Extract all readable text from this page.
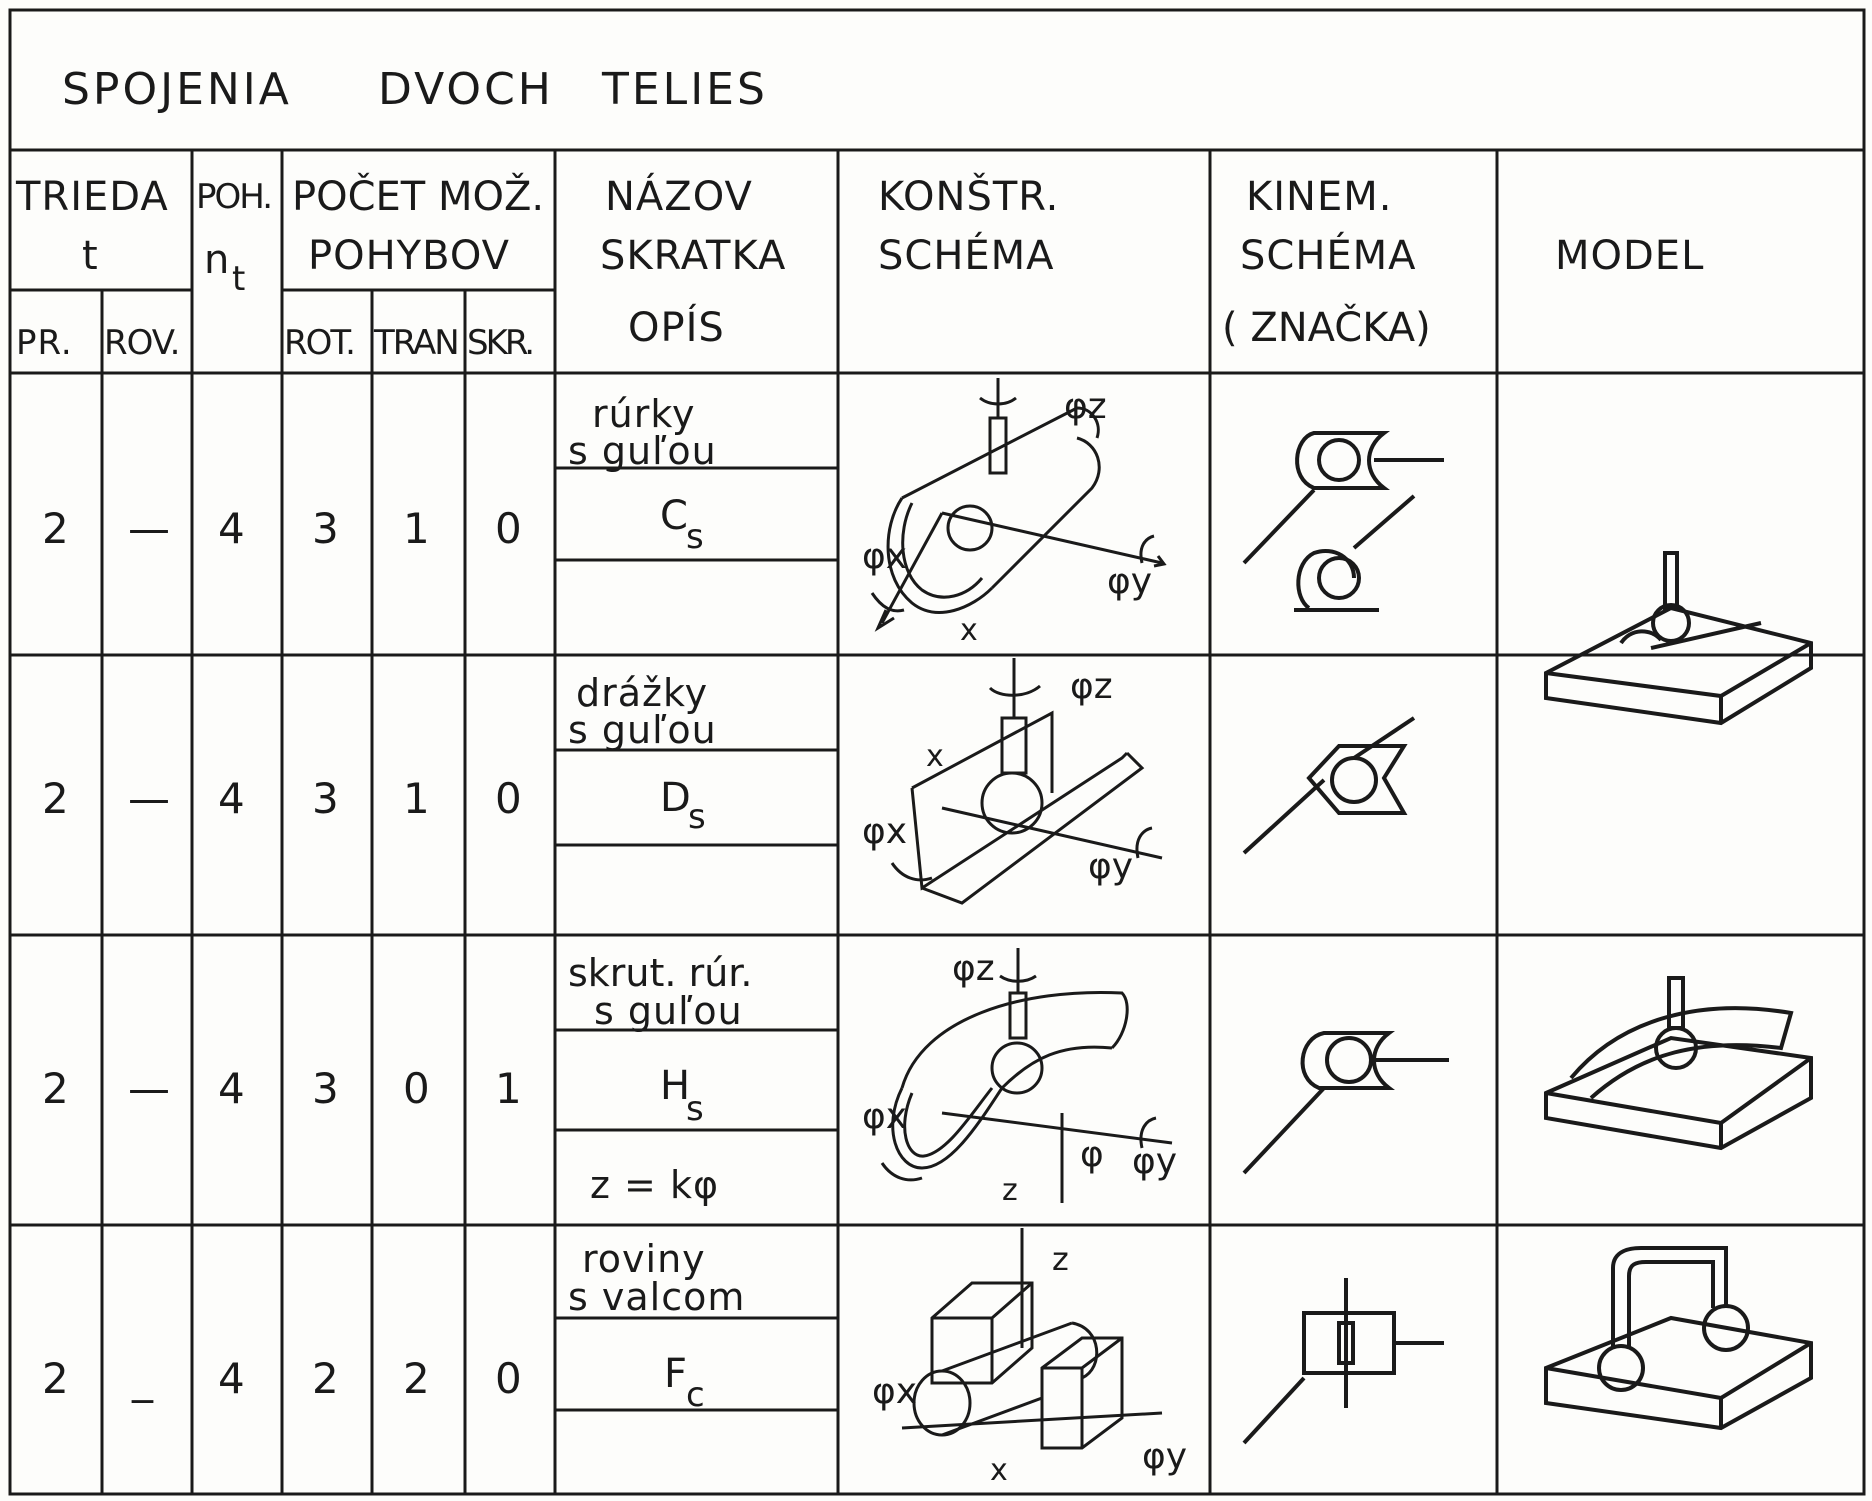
SPOJENIA DVOCH TELIES
TRIEDA
t
POH.
n t
POČET MOŽ.
POHYBOV
NÁZOV
SKRATKA
OPÍS
KONŠTR.
SCHÉMA
KINEM.
SCHÉMA
( ZNAČKA)
MODEL
PR. ROV.	ROT. TRAN SKR.
2 — 4 3 1 0
rúrky
s guľou
C
s
2 — 4 3 1 0
drážky
s guľou
D
s
2 — 4 3 0 1
skrut. rúr.
s guľou
H
s
z = kφ
2 _ 4 2 2 0
roviny
s valcom
F
c
φz
φx
φy
x
φz
x
φx
φy
φz
φx
z
φ φy
z
φx
x	φy
